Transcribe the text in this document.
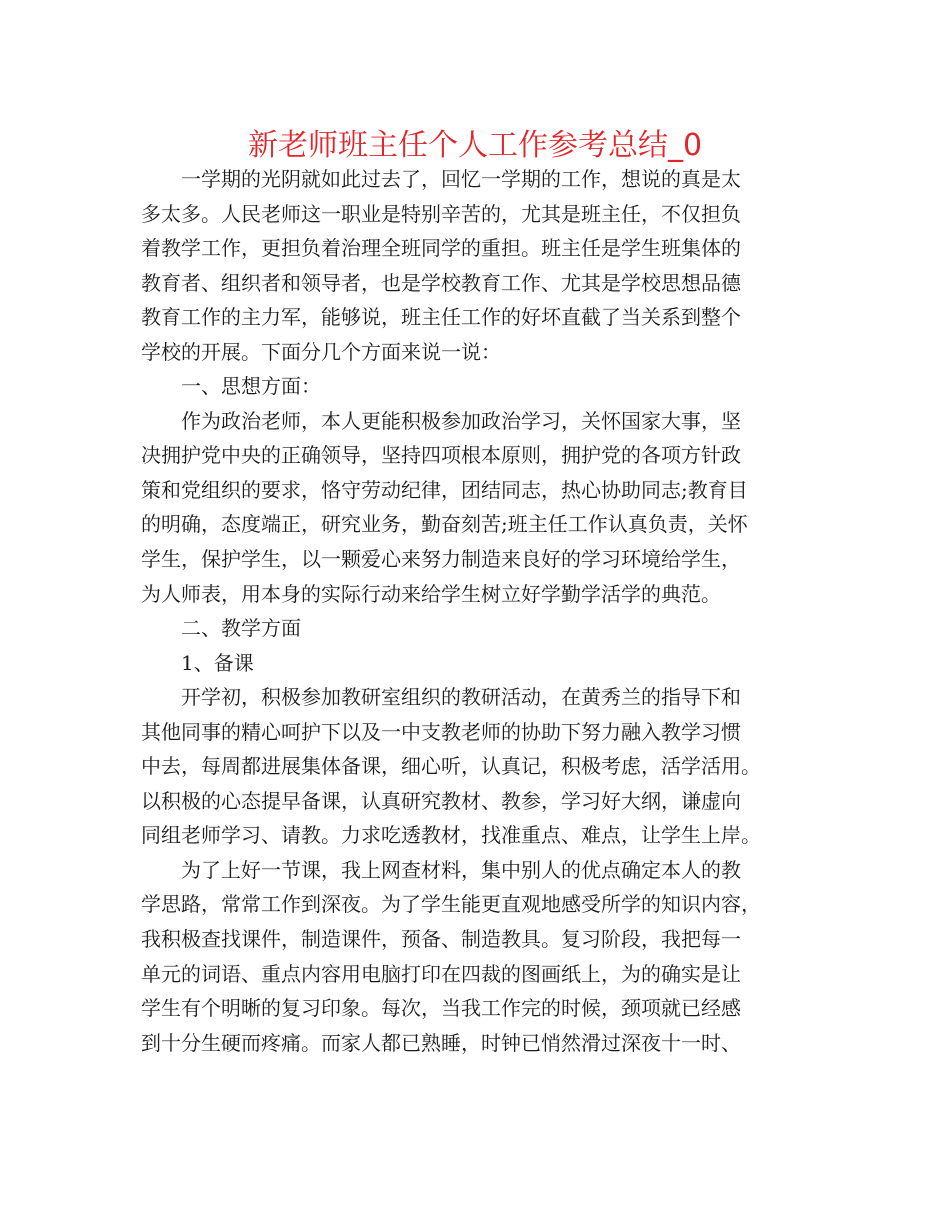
新老师班主任个人工作参考总结_0

一学期的光阴就如此过去了，回忆一学期的工作，想说的真是太
多太多。人民老师这一职业是特别辛苦的，尤其是班主任，不仅担负
着教学工作，更担负着治理全班同学的重担。班主任是学生班集体的
教育者、组织者和领导者，也是学校教育工作、尤其是学校思想品德
教育工作的主力军，能够说，班主任工作的好坏直截了当关系到整个
学校的开展。下面分几个方面来说一说：

一、思想方面：

作为政治老师，本人更能积极参加政治学习，关怀国家大事，坚
决拥护党中央的正确领导，坚持四项根本原则，拥护党的各项方针政
策和党组织的要求，恪守劳动纪律，团结同志，热心协助同志;教育目
的明确，态度端正，研究业务，勤奋刻苦;班主任工作认真负责，关怀
学生，保护学生，以一颗爱心来努力制造来良好的学习环境给学生，
为人师表，用本身的实际行动来给学生树立好学勤学活学的典范。

二、教学方面

1、备课

开学初，积极参加教研室组织的教研活动，在黄秀兰的指导下和
其他同事的精心呵护下以及一中支教老师的协助下努力融入教学习惯
中去，每周都进展集体备课，细心听，认真记，积极考虑，活学活用。
以积极的心态提早备课，认真研究教材、教参，学习好大纲，谦虚向
同组老师学习、请教。力求吃透教材，找准重点、难点，让学生上岸。

为了上好一节课，我上网查材料，集中别人的优点确定本人的教
学思路，常常工作到深夜。为了学生能更直观地感受所学的知识内容，
我积极查找课件，制造课件，预备、制造教具。复习阶段，我把每一
单元的词语、重点内容用电脑打印在四裁的图画纸上，为的确实是让
学生有个明晰的复习印象。每次，当我工作完的时候，颈项就已经感
到十分生硬而疼痛。而家人都已熟睡，时钟已悄然滑过深夜十一时、
